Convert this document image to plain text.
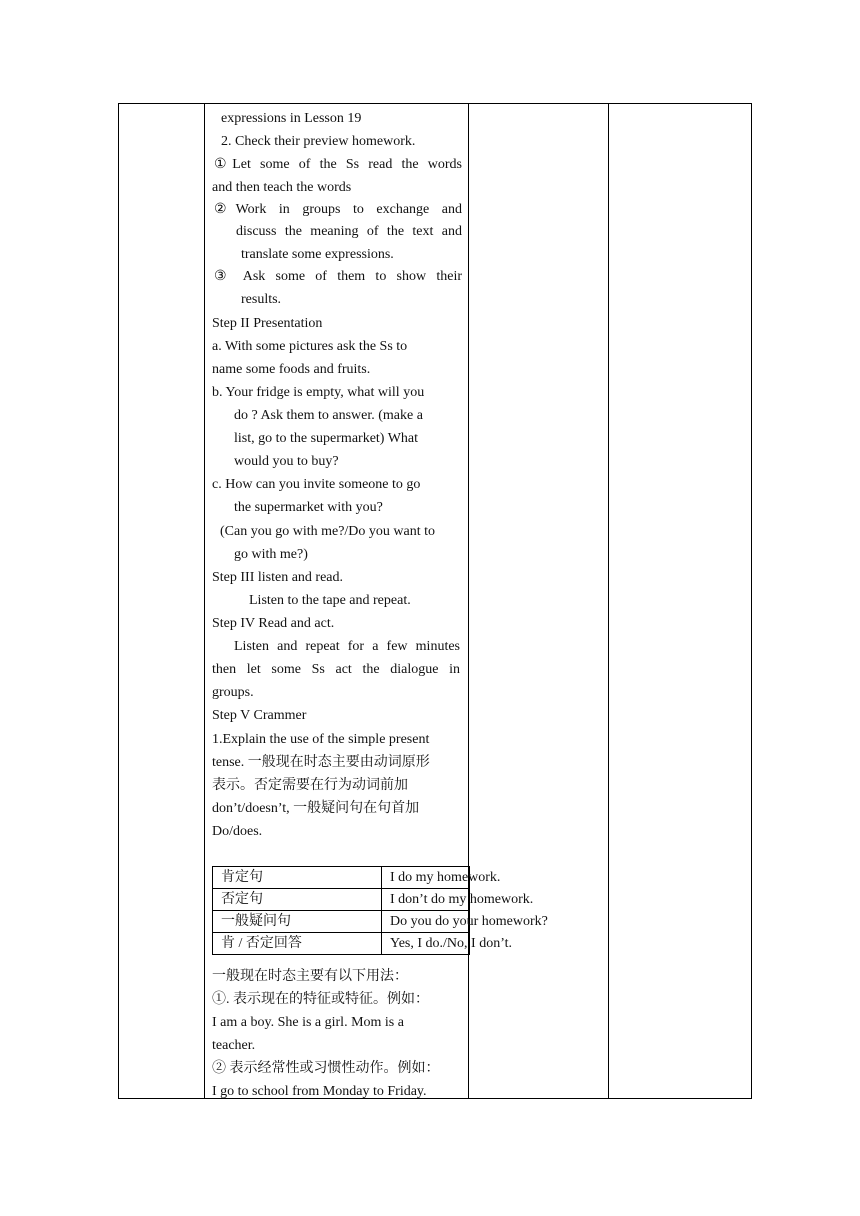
expressions in Lesson 19
2. Check their preview homework.
①Let some of the Ss read the words
and then teach the words
②Work in groups to exchange and
discuss the meaning of the text and
translate some expressions.
③ Ask some of them to show their
results.
Step II Presentation
a. With some pictures ask the Ss to
name some foods and fruits.
b. Your fridge is empty, what will you
do ? Ask them to answer. (make a
list, go to the supermarket) What
would you to buy?
c. How can you invite someone to go
the supermarket with you?
(Can you go with me?/Do you want to
go with me?)
Step III listen and read.
Listen to the tape and repeat.
Step IV Read and act.
Listen and repeat for a few minutes
then let some Ss act the dialogue in
groups.
Step V Crammer
1.Explain the use of the simple present
tense. 一般现在时态主要由动词原形
表示。否定需要在行为动词前加
don’t/doesn’t, 一般疑问句在句首加
Do/does.
肯定句	I do my homework.
否定句	I don’t do my homework.
一般疑问句	Do you do your homework?
肯 / 否定回答	Yes, I do./No, I don’t.
一般现在时态主要有以下用法：
①. 表示现在的特征或特征。例如：
I am a boy. She is a girl. Mom is a
teacher.
② 表示经常性或习惯性动作。例如：
I go to school from Monday to Friday.
